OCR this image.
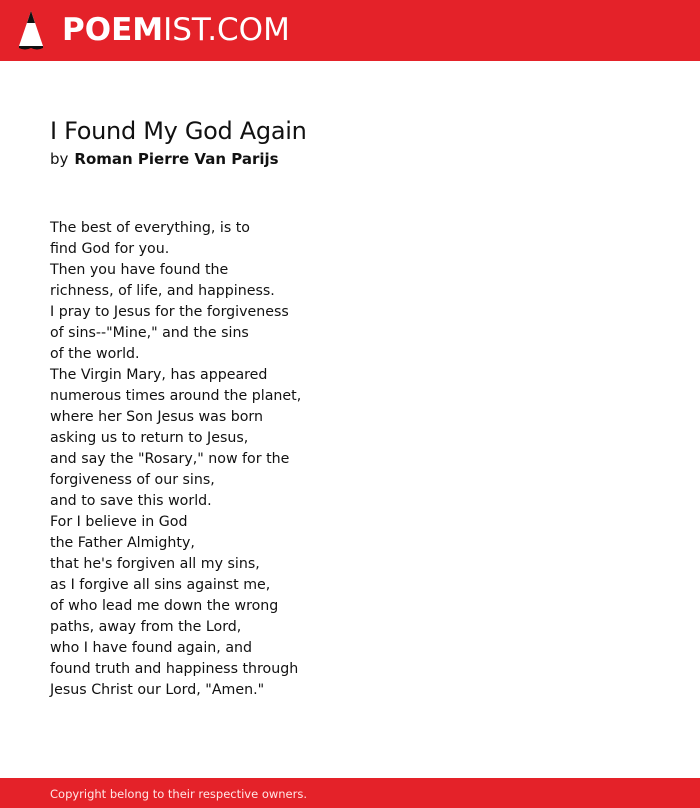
POEMIST.COM
I Found My God Again
by Roman Pierre Van Parijs
The best of everything, is to
find God for you.
Then you have found the
richness, of life, and happiness.
I pray to Jesus for the forgiveness
of sins--"Mine," and the sins
of the world.
The Virgin Mary, has appeared
numerous times around the planet,
where her Son Jesus was born
asking us to return to Jesus,
and say the "Rosary," now for the
forgiveness of our sins,
and to save this world.
For I believe in God
the Father Almighty,
that he's forgiven all my sins,
as I forgive all sins against me,
of who lead me down the wrong
paths, away from the Lord,
who I have found again, and
found truth and happiness through
Jesus Christ our Lord, "Amen."
Copyright belong to their respective owners.
